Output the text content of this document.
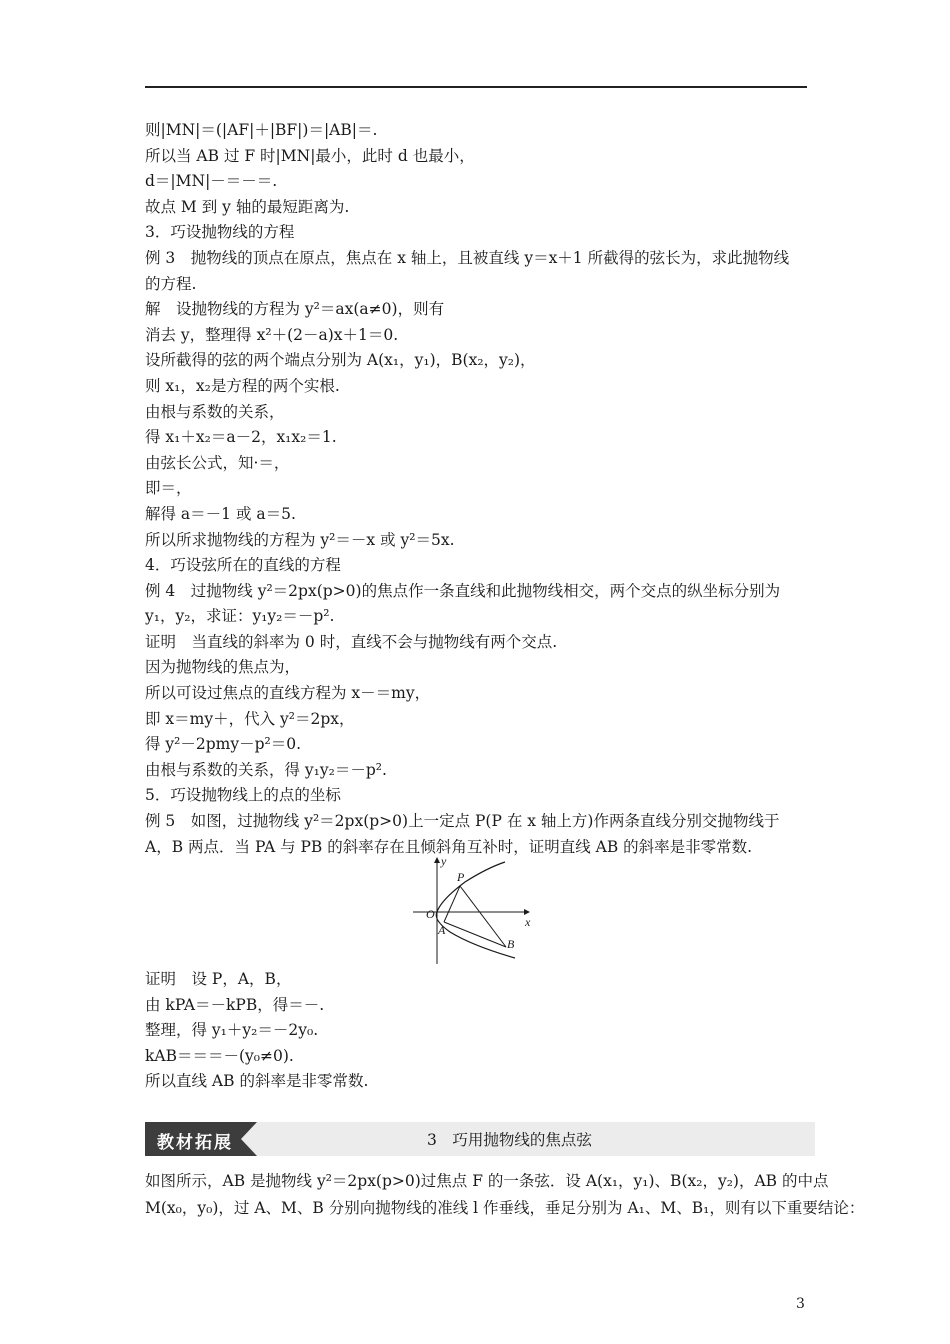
则|MN|＝(|AF|＋|BF|)＝|AB|＝.
所以当 AB 过 F 时|MN|最小，此时 d 也最小，
d＝|MN|－＝－＝.
故点 M 到 y 轴的最短距离为.
3．巧设抛物线的方程
例 3　抛物线的顶点在原点，焦点在 x 轴上，且被直线 y＝x＋1 所截得的弦长为，求此抛物线
的方程.
解　设抛物线的方程为 y²＝ax(a≠0)，则有
消去 y，整理得 x²＋(2－a)x＋1＝0.
设所截得的弦的两个端点分别为 A(x₁，y₁)，B(x₂，y₂)，
则 x₁，x₂是方程的两个实根.
由根与系数的关系，
得 x₁＋x₂＝a－2，x₁x₂＝1.
由弦长公式，知·＝，
即＝，
解得 a＝－1 或 a＝5.
所以所求抛物线的方程为 y²＝－x 或 y²＝5x.
4．巧设弦所在的直线的方程
例 4　过抛物线 y²＝2px(p>0)的焦点作一条直线和此抛物线相交，两个交点的纵坐标分别为
y₁，y₂，求证：y₁y₂＝－p².
证明　当直线的斜率为 0 时，直线不会与抛物线有两个交点.
因为抛物线的焦点为，
所以可设过焦点的直线方程为 x－＝my，
即 x＝my＋，代入 y²＝2px，
得 y²－2pmy－p²＝0.
由根与系数的关系，得 y₁y₂＝－p².
5．巧设抛物线上的点的坐标
例 5　如图，过抛物线 y²＝2px(p>0)上一定点 P(P 在 x 轴上方)作两条直线分别交抛物线于
A，B 两点．当 PA 与 PB 的斜率存在且倾斜角互补时，证明直线 AB 的斜率是非零常数.
y
x
O
P
A
B
证明　设 P，A，B，
由 kPA＝－kPB，得＝－.
整理，得 y₁＋y₂＝－2y₀.
kAB＝＝＝－(y₀≠0).
所以直线 AB 的斜率是非零常数.
教材拓展	3　巧用抛物线的焦点弦
如图所示，AB 是抛物线 y²＝2px(p>0)过焦点 F 的一条弦．设 A(x₁，y₁)、B(x₂，y₂)，AB 的中点
M(x₀，y₀)，过 A、M、B 分别向抛物线的准线 l 作垂线，垂足分别为 A₁、M、B₁，则有以下重要结论：
3
